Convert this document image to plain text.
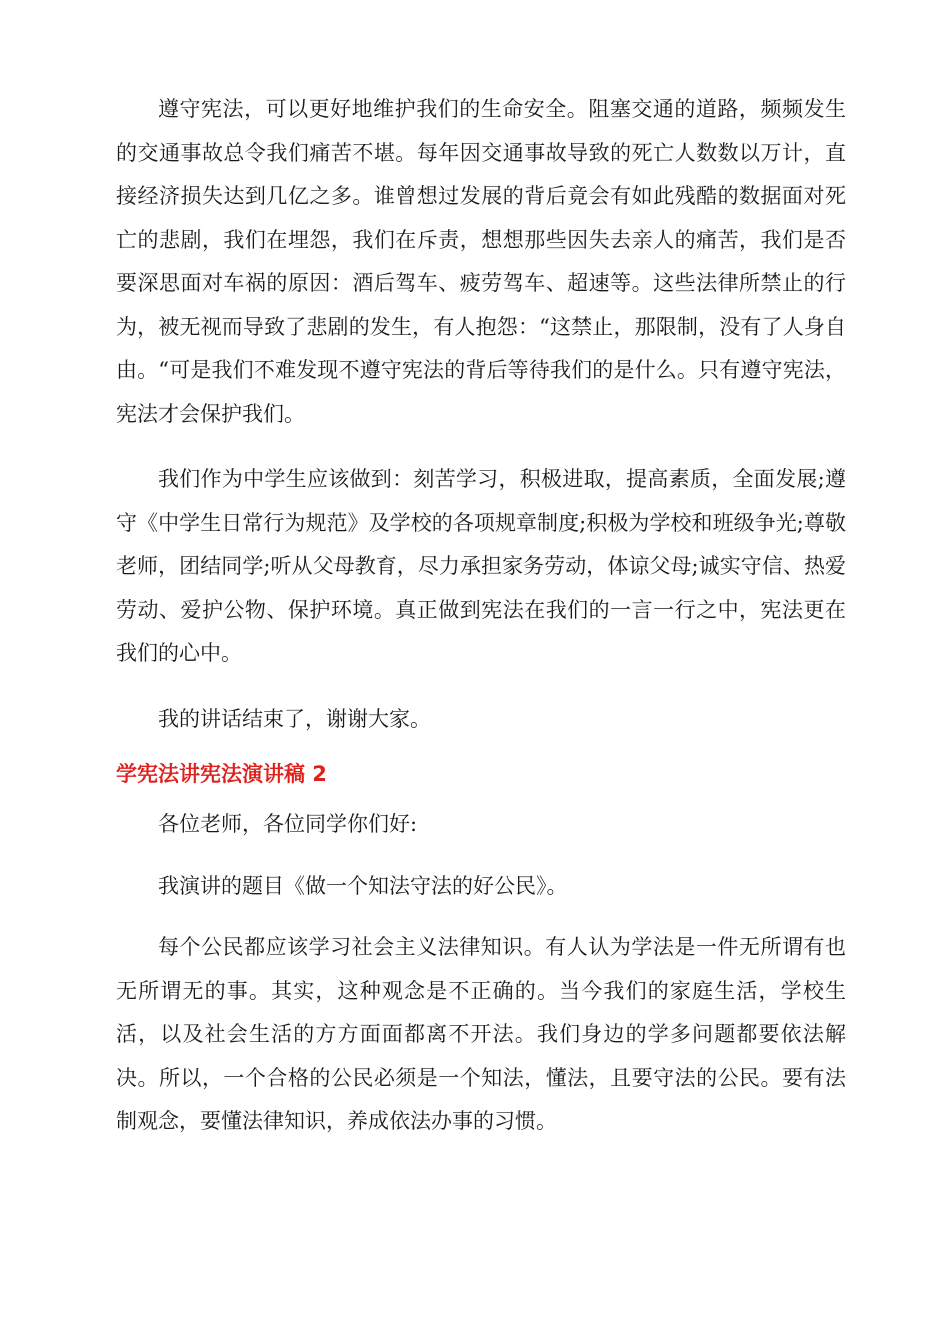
遵守宪法，可以更好地维护我们的生命安全。阻塞交通的道路，频频发生的交通事故总令我们痛苦不堪。每年因交通事故导致的死亡人数数以万计，直接经济损失达到几亿之多。谁曾想过发展的背后竟会有如此残酷的数据面对死亡的悲剧，我们在埋怨，我们在斥责，想想那些因失去亲人的痛苦，我们是否要深思面对车祸的原因：酒后驾车、疲劳驾车、超速等。这些法律所禁止的行为，被无视而导致了悲剧的发生，有人抱怨：“这禁止，那限制，没有了人身自由。“可是我们不难发现不遵守宪法的背后等待我们的是什么。只有遵守宪法，宪法才会保护我们。

我们作为中学生应该做到：刻苦学习，积极进取，提高素质，全面发展;遵守《中学生日常行为规范》及学校的各项规章制度;积极为学校和班级争光;尊敬老师，团结同学;听从父母教育，尽力承担家务劳动，体谅父母;诚实守信、热爱劳动、爱护公物、保护环境。真正做到宪法在我们的一言一行之中，宪法更在我们的心中。

我的讲话结束了，谢谢大家。

学宪法讲宪法演讲稿 2

各位老师，各位同学你们好:

我演讲的题目《做一个知法守法的好公民》。

每个公民都应该学习社会主义法律知识。有人认为学法是一件无所谓有也无所谓无的事。其实，这种观念是不正确的。当今我们的家庭生活，学校生活，以及社会生活的方方面面都离不开法。我们身边的学多问题都要依法解决。所以，一个合格的公民必须是一个知法，懂法，且要守法的公民。要有法制观念，要懂法律知识，养成依法办事的习惯。
